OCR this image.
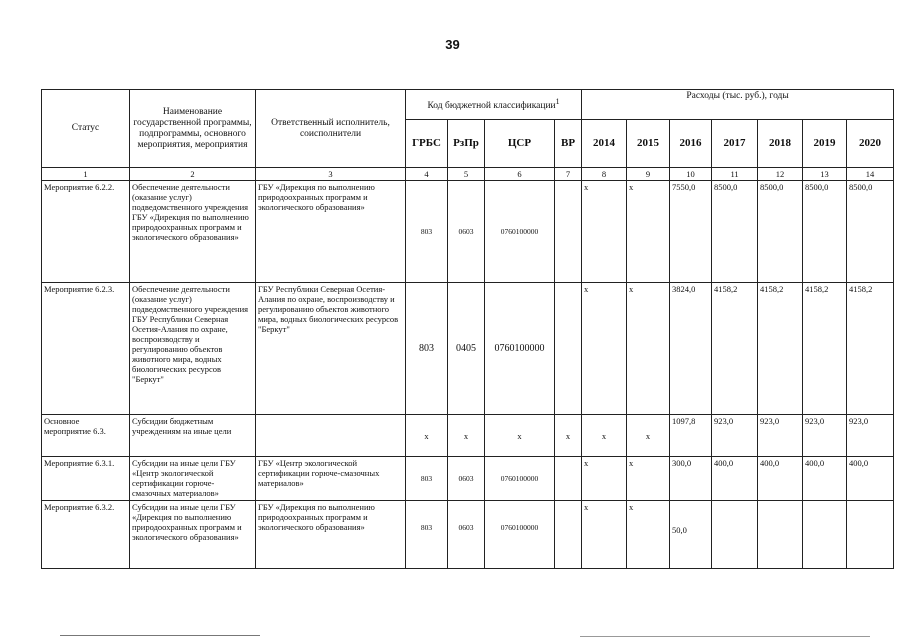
39
Статус	Наименование государственной программы, подпрограммы, основного мероприятия, мероприятия	Ответственный исполнитель, соисполнители	Код бюджетной классификации$^1$				Расходы (тыс. руб.), годы						
			ГРБС	РзПр	ЦСР	ВР	2014	2015	2016	2017	2018	2019	2020
1	2	3	4	5	6	7	8	9	10	11	12	13	14
Мероприятие 6.2.2.	Обеспечение деятельности (оказание услуг) подведомственного учреждения ГБУ «Дирекция по выполнению природоохранных программ и экологического образования»	ГБУ «Дирекция по выполнению природоохранных программ и экологического образования»	803	0603	0760100000		x	x	7550,0	8500,0	8500,0	8500,0	8500,0
Мероприятие 6.2.3.	Обеспечение деятельности (оказание услуг) подведомственного учреждения ГБУ Республики Северная Осетия-Алания по охране, воспроизводству и регулированию объектов животного мира, водных биологических ресурсов "Беркут"	ГБУ Республики Северная Осетия-Алания по охране, воспроизводству и регулированию объектов животного мира, водных биологических ресурсов "Беркут"	803	0405	0760100000		x	x	3824,0	4158,2	4158,2	4158,2	4158,2
Основное мероприятие 6.3.	Субсидии бюджетным учреждениям на иные цели		x	x	x	x	x	x	1097,8	923,0	923,0	923,0	923,0
Мероприятие 6.3.1.	Субсидии на иные цели ГБУ «Центр экологической сертификации горюче-смазочных материалов»	ГБУ «Центр экологической сертификации горюче-смазочных материалов»	803	0603	0760100000		x	x	300,0	400,0	400,0	400,0	400,0
Мероприятие 6.3.2.	Субсидии на иные цели ГБУ «Дирекция по выполнению природоохранных программ и экологического образования»	ГБУ «Дирекция по выполнению природоохранных программ и экологического образования»	803	0603	0760100000		x	x	50,0				
